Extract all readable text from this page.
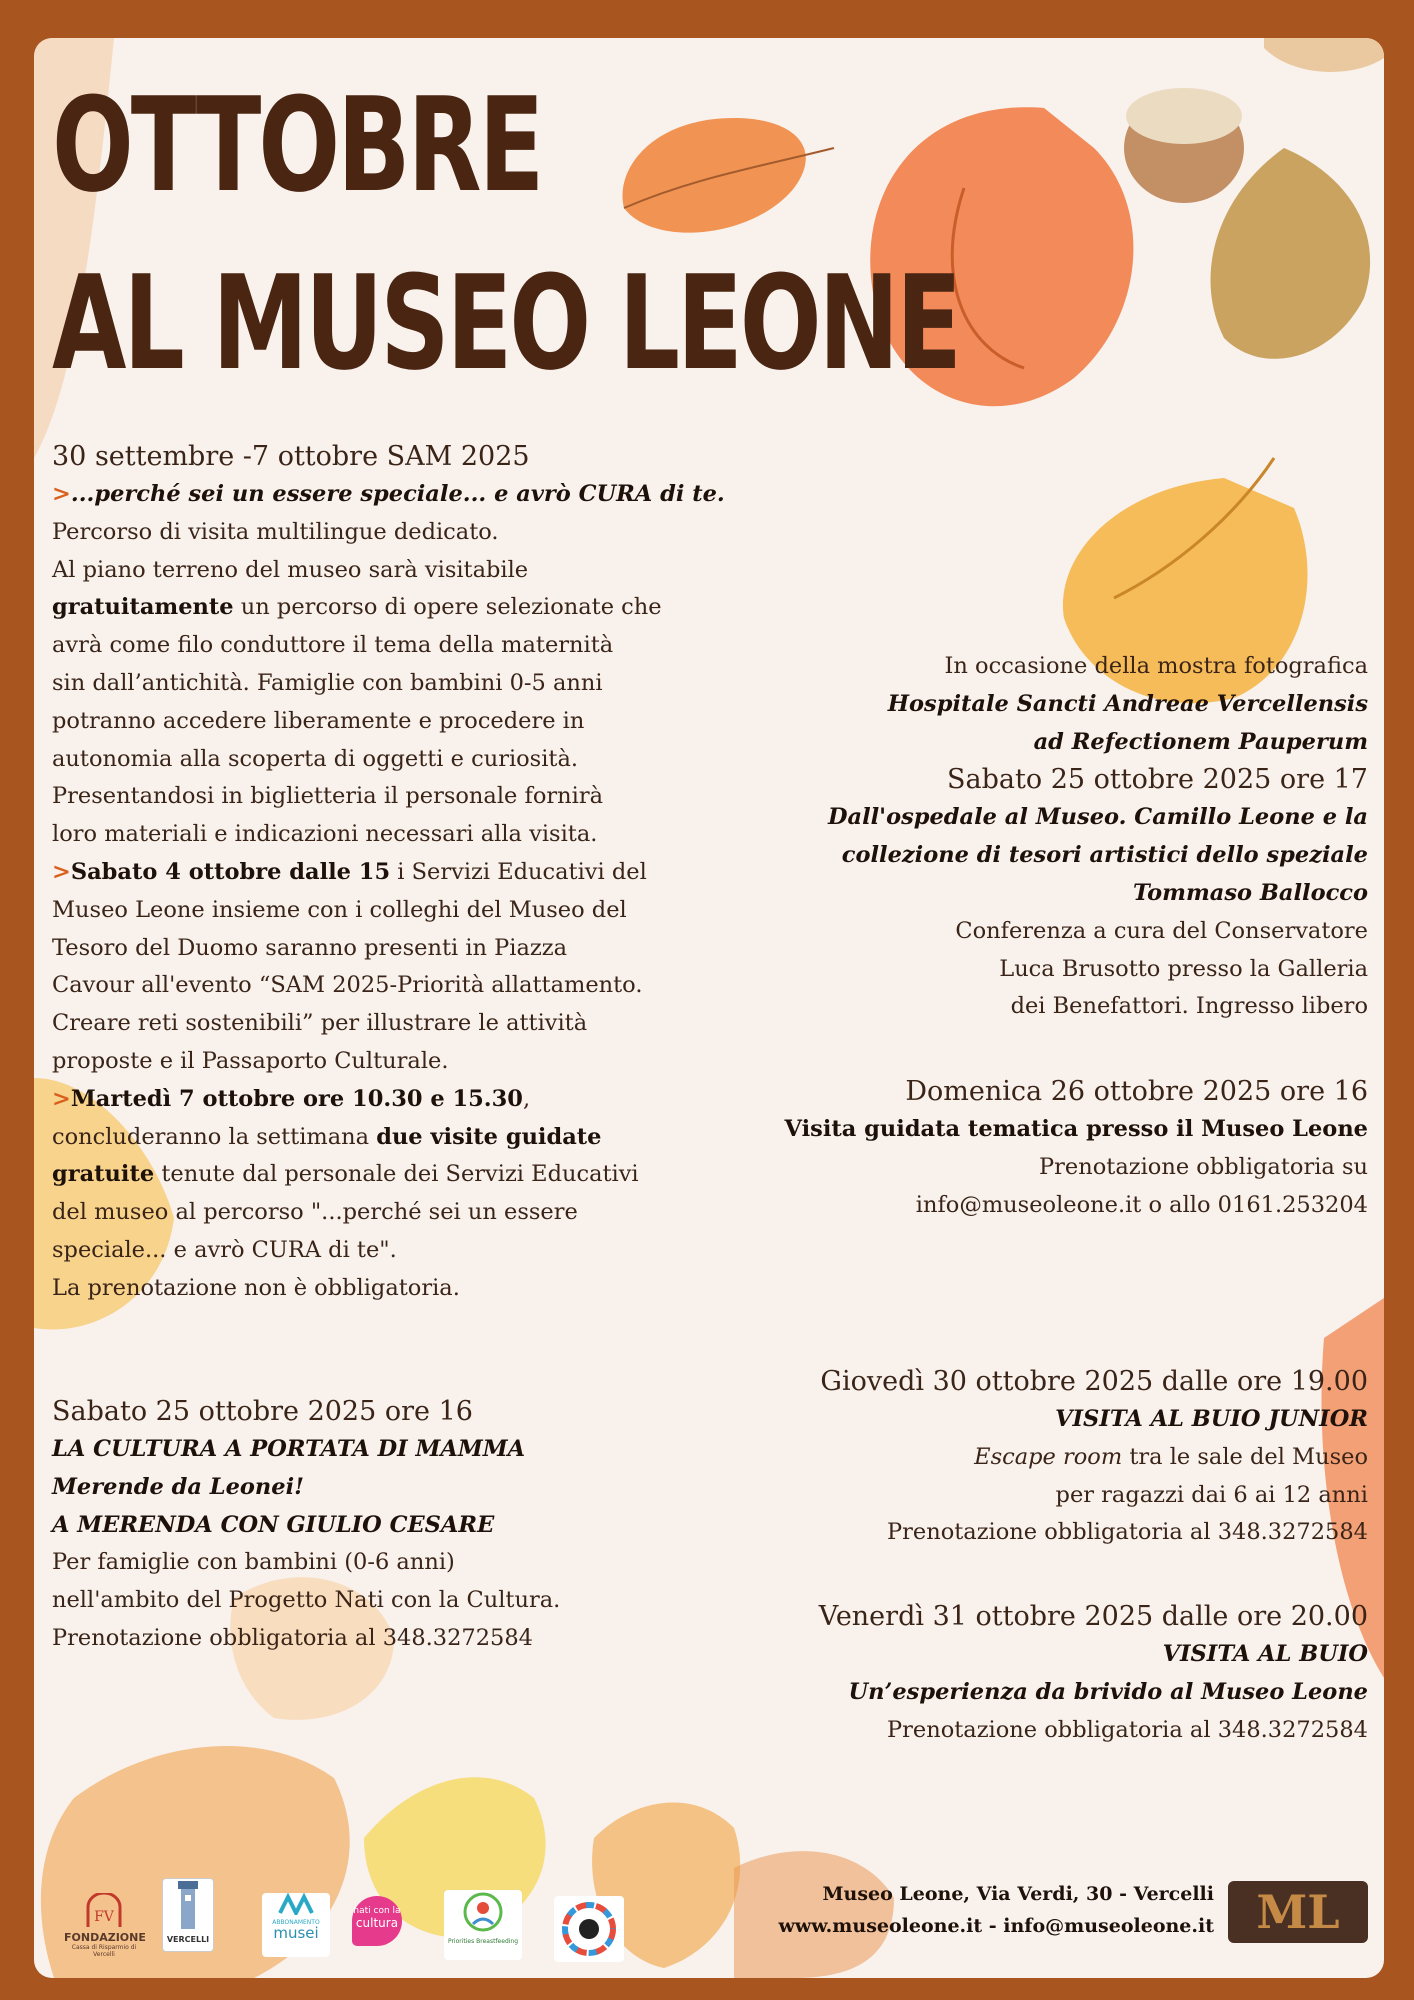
OTTOBRE
AL MUSEO LEONE

30 settembre -7 ottobre SAM 2025

>...perché sei un essere speciale... e avrò CURA di te.

Percorso di visita multilingue dedicato.

Al piano terreno del museo sarà visitabile

gratuitamente un percorso di opere selezionate che

avrà come filo conduttore il tema della maternità

sin dall’antichità. Famiglie con bambini 0-5 anni

potranno accedere liberamente e procedere in

autonomia alla scoperta di oggetti e curiosità.

Presentandosi in biglietteria il personale fornirà

loro materiali e indicazioni necessari alla visita.

>Sabato 4 ottobre dalle 15 i Servizi Educativi del

Museo Leone insieme con i colleghi del Museo del

Tesoro del Duomo saranno presenti in Piazza

Cavour all'evento “SAM 2025-Priorità allattamento.

Creare reti sostenibili” per illustrare le attività

proposte e il Passaporto Culturale.

>Martedì 7 ottobre ore 10.30 e 15.30,

concluderanno la settimana due visite guidate

gratuite tenute dal personale dei Servizi Educativi

del museo al percorso "...perché sei un essere

speciale... e avrò CURA di te".

La prenotazione non è obbligatoria.

Sabato 25 ottobre 2025 ore 16

LA CULTURA A PORTATA DI MAMMA

Merende da Leonei!

A MERENDA CON GIULIO CESARE

Per famiglie con bambini (0-6 anni)

nell'ambito del Progetto Nati con la Cultura.

Prenotazione obbligatoria al 348.3272584

In occasione della mostra fotografica

Hospitale Sancti Andreae Vercellensis

ad Refectionem Pauperum

Sabato 25 ottobre 2025 ore 17

Dall'ospedale al Museo. Camillo Leone e la

collezione di tesori artistici dello speziale

Tommaso Ballocco

Conferenza a cura del Conservatore

Luca Brusotto presso la Galleria

dei Benefattori. Ingresso libero

Domenica 26 ottobre 2025 ore 16

Visita guidata tematica presso il Museo Leone

Prenotazione obbligatoria su

info@museoleone.it o allo 0161.253204

Giovedì 30 ottobre 2025 dalle ore 19.00

VISITA AL BUIO JUNIOR

Escape room tra le sale del Museo

per ragazzi dai 6 ai 12 anni

Prenotazione obbligatoria al 348.3272584

Venerdì 31 ottobre 2025 dalle ore 20.00

VISITA AL BUIO

Un’esperienza da brivido al Museo Leone

Prenotazione obbligatoria al 348.3272584

FV
FONDAZIONE
Cassa di Risparmio di Vercelli
VERCELLI
ABBONAMENTO
musei
nati con la
cultura
Priorities Breastfeeding
Museo Leone, Via Verdi, 30 - Vercelli
www.museoleone.it - info@museoleone.it ML
